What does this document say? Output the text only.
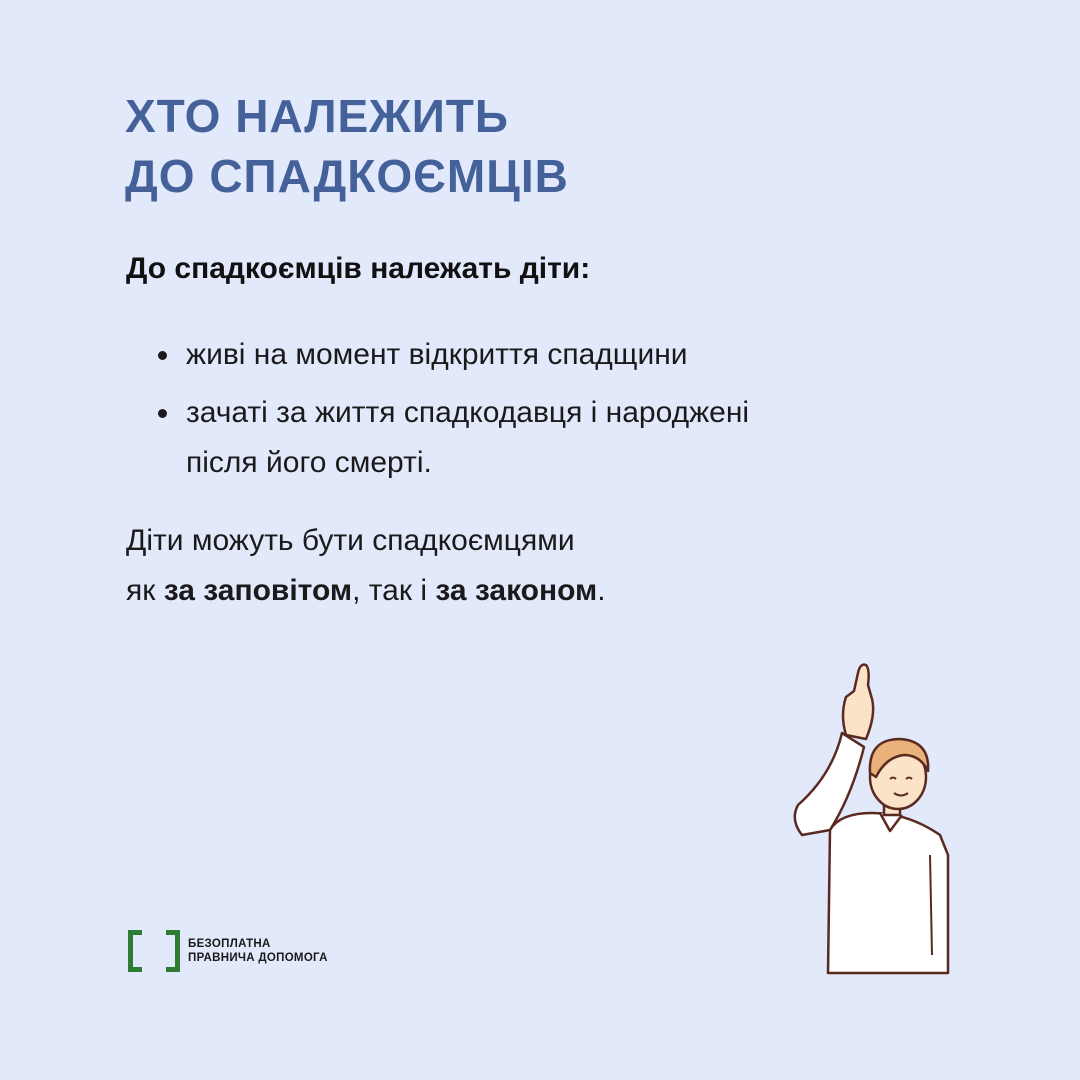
ХТО НАЛЕЖИТЬ
ДО СПАДКОЄМЦІВ

До спадкоємців належать діти:

живі на момент відкриття спадщини
зачаті за життя спадкодавця і народжені
після його смерті.

Діти можуть бути спадкоємцями
як за заповітом, так і за законом.

БЕЗОПЛАТНА
ПРАВНИЧА ДОПОМОГА
